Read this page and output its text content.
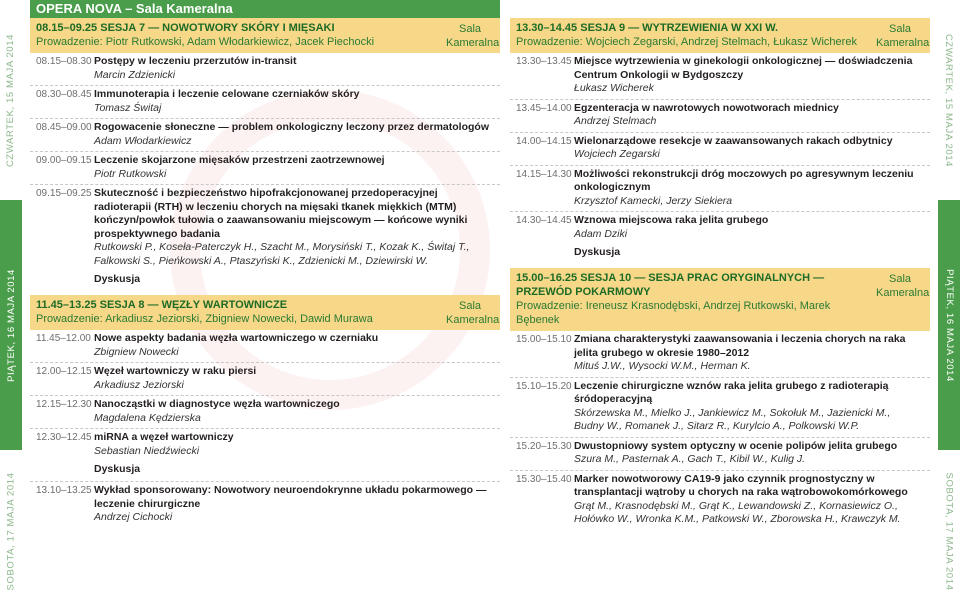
CZWARTEK, 15 MAJA 2014
PIĄTEK, 16 MAJA 2014
SOBOTA, 17 MAJA 2014
CZWARTEK, 15 MAJA 2014
PIĄTEK, 16 MAJA 2014
SOBOTA, 17 MAJA 2014
OPERA NOVA – Sala Kameralna
08.15–09.25 SESJA 7 — NOWOTWORY SKÓRY I MIĘSAKI
Prowadzenie: Piotr Rutkowski, Adam Włodarkiewicz, Jacek Piechocki
Sala Kameralna
08.15–08.30 Postępy w leczeniu przerzutów in-transit
Marcin Zdzienicki
08.30–08.45 Immunoterapia i leczenie celowane czerniaków skóry
Tomasz Świtaj
08.45–09.00 Rogowacenie słoneczne — problem onkologiczny leczony przez dermatologów
Adam Włodarkiewicz
09.00–09.15 Leczenie skojarzone mięsaków przestrzeni zaotrzewnowej
Piotr Rutkowski
09.15–09.25 Skuteczność i bezpieczeństwo hipofrakcjonowanej przedoperacyjnej radioterapii (RTH) w leczeniu chorych na mięsaki tkanek miękkich (MTM) kończyn/powłok tułowia o zaawansowaniu miejscowym — końcowe wyniki prospektywnego badania
Rutkowski P., Koseła-Paterczyk H., Szacht M., Morysiński T., Kozak K., Świtaj T., Falkowski S., Pieńkowski A., Ptaszyński K., Zdzienicki M., Dziewirski W.
Dyskusja
11.45–13.25 SESJA 8 — WĘZŁY WARTOWNICZE
Prowadzenie: Arkadiusz Jeziorski, Zbigniew Nowecki, Dawid Murawa
Sala Kameralna
11.45–12.00 Nowe aspekty badania węzła wartowniczego w czerniaku
Zbigniew Nowecki
12.00–12.15 Węzeł wartowniczy w raku piersi
Arkadiusz Jeziorski
12.15–12.30 Nanocząstki w diagnostyce węzła wartowniczego
Magdalena Kędzierska
12.30–12.45 miRNA a węzeł wartowniczy
Sebastian Niedźwiecki
Dyskusja
13.10–13.25 Wykład sponsorowany: Nowotwory neuroendokrynne układu pokarmowego — leczenie chirurgiczne
Andrzej Cichocki
13.30–14.45 SESJA 9 — WYTRZEWIENIA W XXI W.
Prowadzenie: Wojciech Zegarski, Andrzej Stelmach, Łukasz Wicherek
Sala Kameralna
13.30–13.45 Miejsce wytrzewienia w ginekologii onkologicznej — doświadczenia Centrum Onkologii w Bydgoszczy
Łukasz Wicherek
13.45–14.00 Egzenteracja w nawrotowych nowotworach miednicy
Andrzej Stelmach
14.00–14.15 Wielonarządowe resekcje w zaawansowanych rakach odbytnicy
Wojciech Zegarski
14.15–14.30 Możliwości rekonstrukcji dróg moczowych po agresywnym leczeniu onkologicznym
Krzysztof Kamecki, Jerzy Siekiera
14.30–14.45 Wznowa miejscowa raka jelita grubego
Adam Dziki
Dyskusja
15.00–16.25 SESJA 10 — SESJA PRAC ORYGINALNYCH — PRZEWÓD POKARMOWY
Prowadzenie: Ireneusz Krasnodębski, Andrzej Rutkowski, Marek Bębenek
Sala Kameralna
15.00–15.10 Zmiana charakterystyki zaawansowania i leczenia chorych na raka jelita grubego w okresie 1980–2012
Mituś J.W., Wysocki W.M., Herman K.
15.10–15.20 Leczenie chirurgiczne wznów raka jelita grubego z radioterapią śródoperacyjną
Skórzewska M., Mielko J., Jankiewicz M., Sokołuk M., Jazienicki M., Budny W., Romanek J., Sitarz R., Kurylcio A., Polkowski W.P.
15.20–15.30 Dwustopniowy system optyczny w ocenie polipów jelita grubego
Szura M., Pasternak A., Gach T., Kibil W., Kulig J.
15.30–15.40 Marker nowotworowy CA19-9 jako czynnik prognostyczny w transplantacji wątroby u chorych na raka wątrobowokomórkowego
Grąt M., Krasnodębski M., Grąt K., Lewandowski Z., Kornasiewicz O., Hołówko W., Wronka K.M., Patkowski W., Zborowska H., Krawczyk M.
